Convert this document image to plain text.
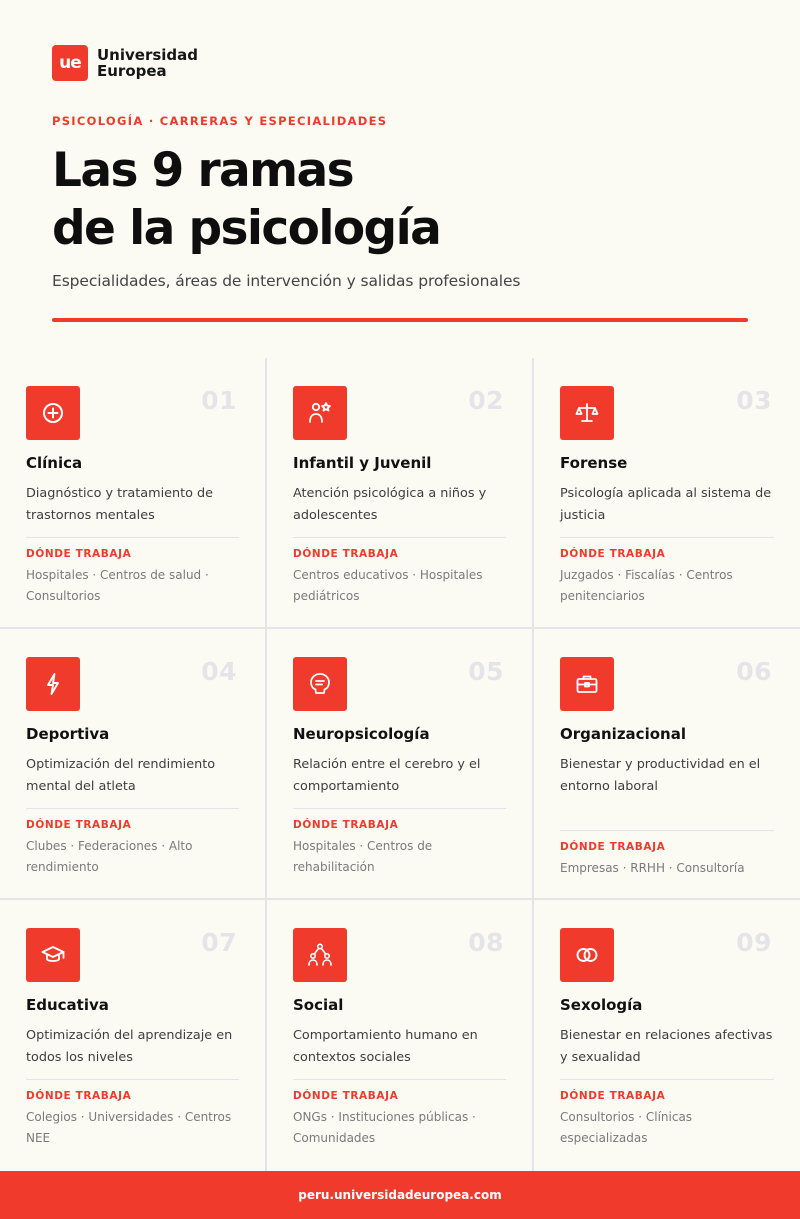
ue	Universidad
Europea
PSICOLOGÍA · CARRERAS Y ESPECIALIDADES
Las 9 ramas
de la psicología
Especialidades, áreas de intervención y salidas profesionales
01
Clínica
Diagnóstico y tratamiento de trastornos mentales
DÓNDE TRABAJA
Hospitales · Centros de salud · Consultorios
02
Infantil y Juvenil
Atención psicológica a niños y adolescentes
DÓNDE TRABAJA
Centros educativos · Hospitales pediátricos
03
Forense
Psicología aplicada al sistema de justicia
DÓNDE TRABAJA
Juzgados · Fiscalías · Centros penitenciarios
04
Deportiva
Optimización del rendimiento mental del atleta
DÓNDE TRABAJA
Clubes · Federaciones · Alto rendimiento
05
Neuropsicología
Relación entre el cerebro y el comportamiento
DÓNDE TRABAJA
Hospitales · Centros de rehabilitación
06
Organizacional
Bienestar y productividad en el entorno laboral
DÓNDE TRABAJA
Empresas · RRHH · Consultoría
07
Educativa
Optimización del aprendizaje en todos los niveles
DÓNDE TRABAJA
Colegios · Universidades · Centros NEE
08
Social
Comportamiento humano en contextos sociales
DÓNDE TRABAJA
ONGs · Instituciones públicas · Comunidades
09
Sexología
Bienestar en relaciones afectivas y sexualidad
DÓNDE TRABAJA
Consultorios · Clínicas especializadas
peru.universidadeuropea.com
